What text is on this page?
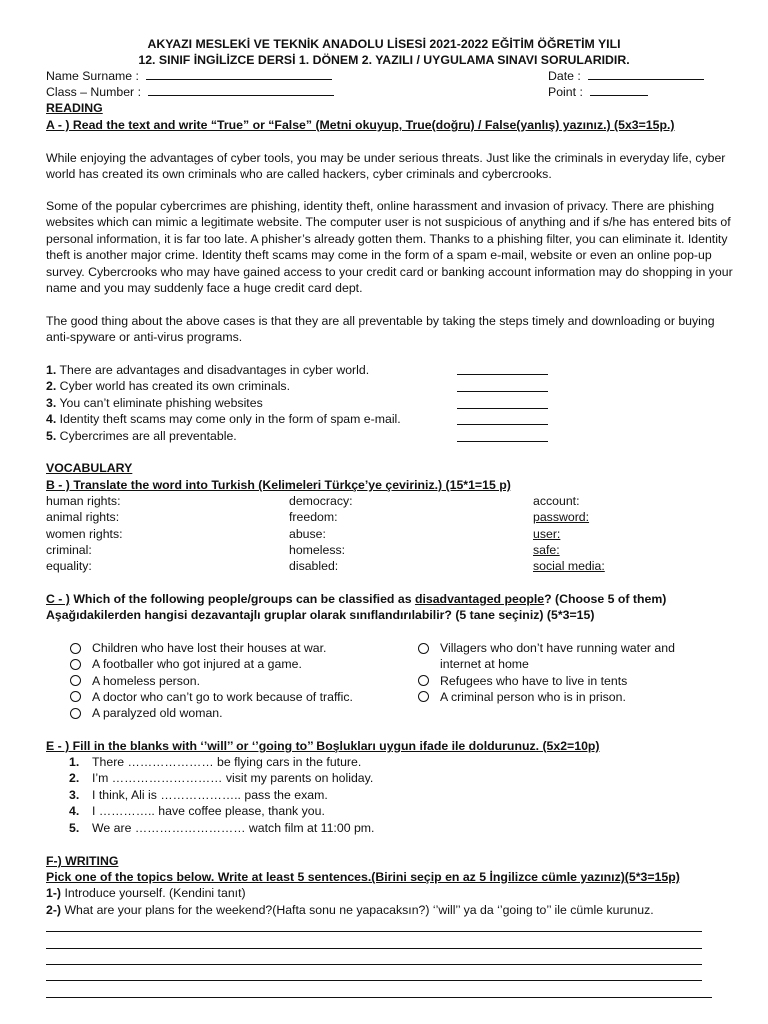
AKYAZI MESLEKİ VE TEKNİK ANADOLU LİSESİ 2021-2022 EĞİTİM ÖĞRETİM YILI
12. SINIF İNGİLİZCE DERSİ 1. DÖNEM 2. YAZILI / UYGULAMA SINAVI SORULARIDIR.
Name Surname :
Class – Number :
Date :
Point :
READING
A - ) Read the text and write “True” or “False” (Metni okuyup, True(doğru) / False(yanlış) yazınız.) (5x3=15p.)
While enjoying the advantages of cyber tools, you may be under serious threats. Just like the criminals in everyday life, cyber world has created its own criminals who are called hackers, cyber criminals and cybercrooks.
Some of the popular cybercrimes are phishing, identity theft, online harassment and invasion of privacy. There are phishing websites which can mimic a legitimate website. The computer user is not suspicious of anything and if s/he has entered bits of personal information, it is far too late. A phisher’s already gotten them. Thanks to a phishing filter, you can eliminate it. Identity theft is another major crime. Identity theft scams may come in the form of a spam e-mail, website or even an online pop-up survey. Cybercrooks who may have gained access to your credit card or banking account information may do shopping in your name and you may suddenly face a huge credit card dept.
The good thing about the above cases is that they are all preventable by taking the steps timely and downloading or buying anti-spyware or anti-virus programs.
1. There are advantages and disadvantages in cyber world.
2. Cyber world has created its own criminals.
3. You can’t eliminate phishing websites
4. Identity theft scams may come only in the form of spam e-mail.
5. Cybercrimes are all preventable.
VOCABULARY
B - ) Translate the word into Turkish (Kelimeleri Türkçe’ye çeviriniz.) (15*1=15 p)
human rights:
animal rights:
women rights:
criminal:
equality:
democracy:
freedom:
abuse:
homeless:
disabled:
account:
password:
user:
safe:
social media:
C - ) Which of the following people/groups can be classified as disadvantaged people? (Choose 5 of them)
Aşağıdakilerden hangisi dezavantajlı gruplar olarak sınıflandırılabilir? (5 tane seçiniz) (5*3=15)
Children who have lost their houses at war.
A footballer who got injured at a game.
A homeless person.
A doctor who can’t go to work because of traffic.
A paralyzed old woman.
Villagers who don’t have running water and
internet at home
Refugees who have to live in tents
A criminal person who is in prison.
E - ) Fill in the blanks with ‘’will’’ or ‘’going to’’ Boşlukları uygun ifade ile doldurunuz. (5x2=10p)
1. There ………………… be flying cars in the future.
2. I’m ……………………… visit my parents on holiday.
3. I think, Ali is ……………….. pass the exam.
4. I ………….. have coffee please, thank you.
5. We are ……………………… watch film at 11:00 pm.
F-) WRITING
Pick one of the topics below. Write at least 5 sentences.(Birini seçip en az 5 İngilizce cümle yazınız)(5*3=15p)
1-) Introduce yourself. (Kendini tanıt)
2-) What are your plans for the weekend?(Hafta sonu ne yapacaksın?) ‘’will’’ ya da ‘’going to’’ ile cümle kurunuz.
